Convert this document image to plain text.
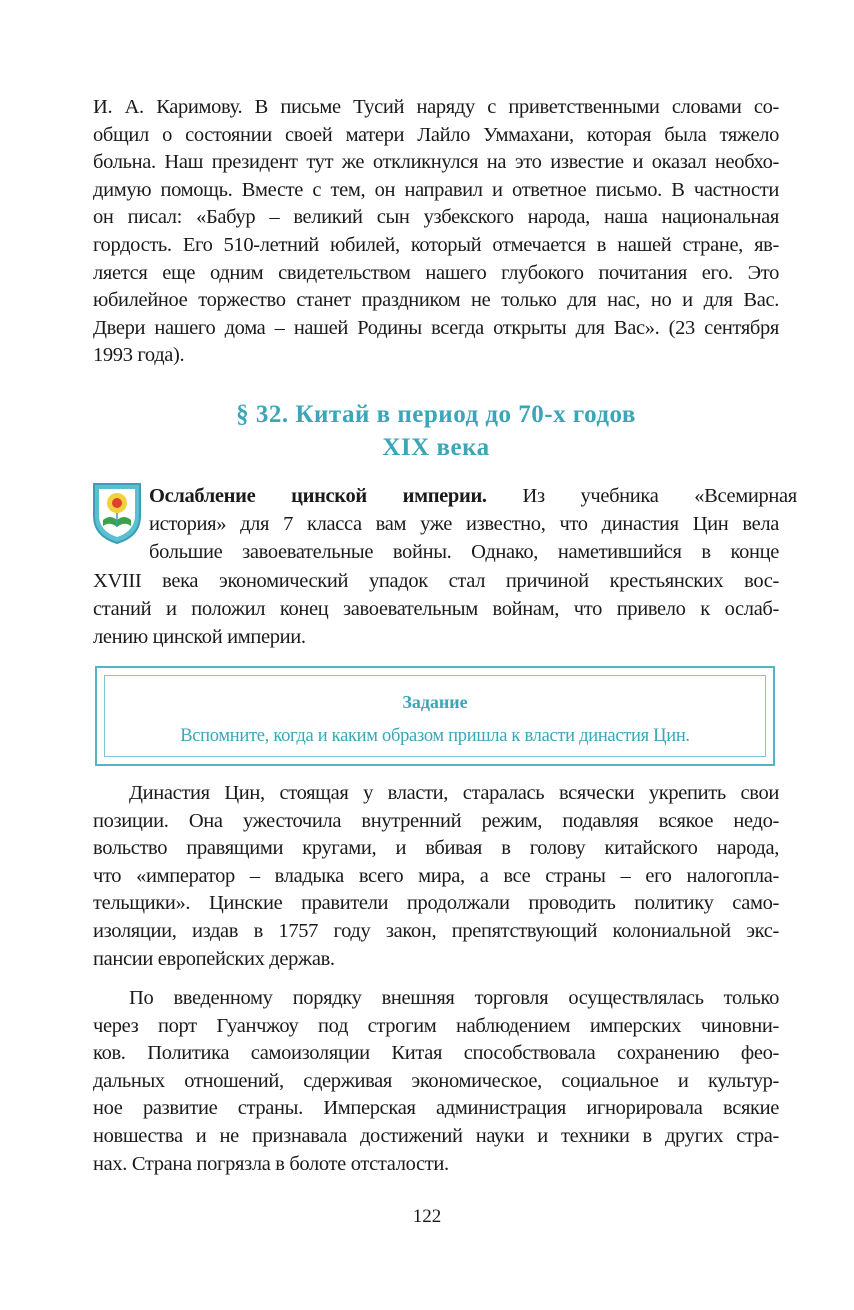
И. А. Каримову. В письме Тусий наряду с приветственными словами со-
общил о состоянии своей матери Лайло Уммахани, которая была тяжело
больна. Наш президент тут же откликнулся на это известие и оказал необхо-
димую помощь. Вместе с тем, он направил и ответное письмо. В частности
он писал: «Бабур – великий сын узбекского народа, наша национальная
гордость. Его 510-летний юбилей, который отмечается в нашей стране, яв-
ляется еще одним свидетельством нашего глубокого почитания его. Это
юбилейное торжество станет праздником не только для нас, но и для Вас.
Двери нашего дома – нашей Родины всегда открыты для Вас». (23 сентября
1993 года).
§ 32. Китай в период до 70-х годов
XIX века
Ослабление цинской империи. Из учебника «Всемирная
история» для 7 класса вам уже известно, что династия Цин вела
большие завоевательные войны. Однако, наметившийся в конце
XVIII века экономический упадок стал причиной крестьянских вос-
станий и положил конец завоевательным войнам, что привело к ослаб-
лению цинской империи.
Задание
Вспомните, когда и каким образом пришла к власти династия Цин.
Династия Цин, стоящая у власти, старалась всячески укрепить свои
позиции. Она ужесточила внутренний режим, подавляя всякое недо-
вольство правящими кругами, и вбивая в голову китайского народа,
что «император – владыка всего мира, а все страны – его налогопла-
тельщики». Цинские правители продолжали проводить политику само-
изоляции, издав в 1757 году закон, препятствующий колониальной экс-
пансии европейских держав.
По введенному порядку внешняя торговля осуществлялась только
через порт Гуанчжоу под строгим наблюдением имперских чиновни-
ков. Политика самоизоляции Китая способствовала сохранению фео-
дальных отношений, сдерживая экономическое, социальное и культур-
ное развитие страны. Имперская администрация игнорировала всякие
новшества и не признавала достижений науки и техники в других стра-
нах. Страна погрязла в болоте отсталости.
122
